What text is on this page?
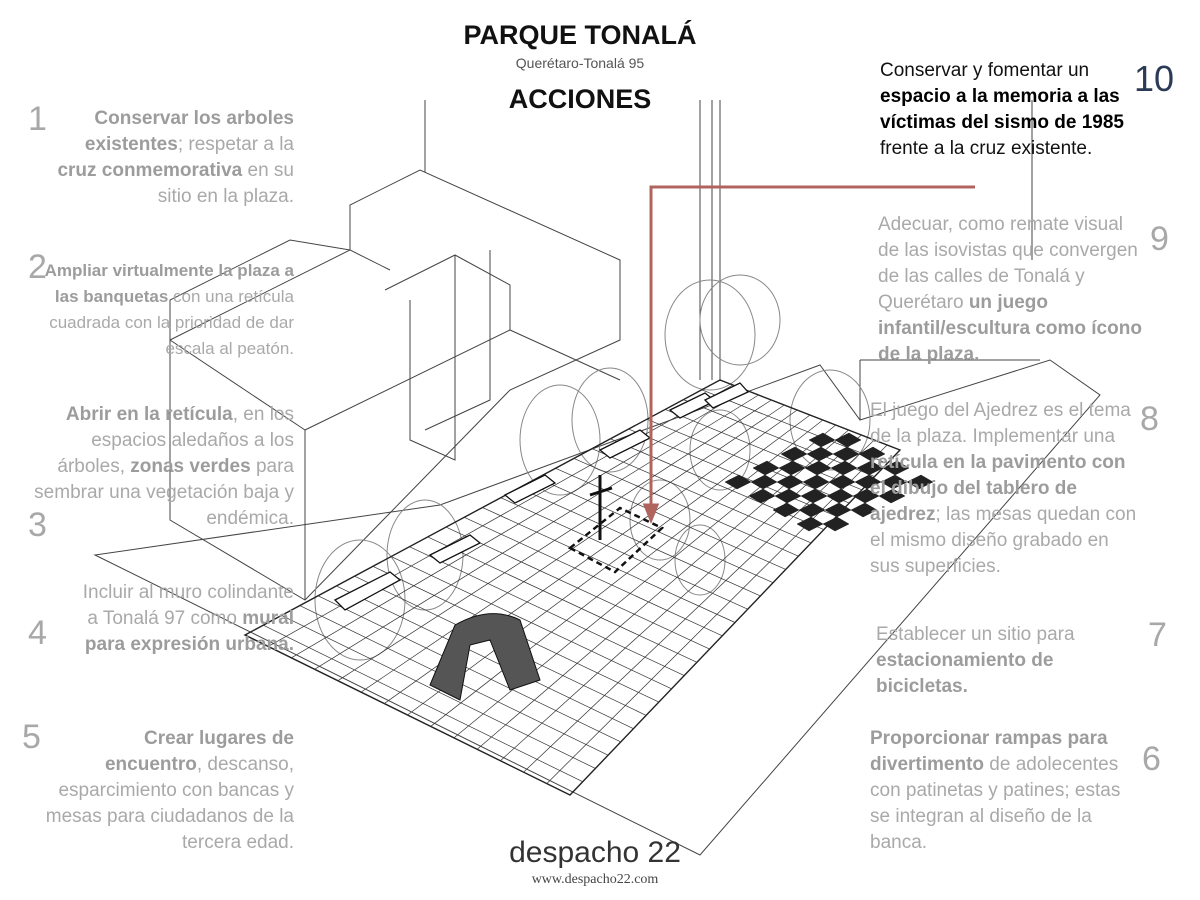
PARQUE TONALÁ
Querétaro-Tonalá 95
ACCIONES
1	Conservar los arboles existentes; respetar a la cruz conmemorativa en su sitio en la plaza.
2
Ampliar virtualmente la plaza a las banquetas con una retícula cuadrada con la prioridad de dar escala al peatón.
3
Abrir en la retícula, en los espacios aledaños a los árboles, zonas verdes para sembrar una vegetación baja y endémica.
4
Incluir al muro colindante a Tonalá 97 como mural para expresión urbana.
5	Crear lugares de encuentro, descanso, esparcimiento con bancas y mesas para ciudadanos de la tercera edad.
6
Proporcionar rampas para divertimento de adolecentes con patinetas y patines; estas se integran al diseño de la banca.
7
Establecer un sitio para estacionamiento de bicicletas.
8
El juego del Ajedrez es el tema de la plaza. Implementar una retícula en la pavimento con el dibujo del tablero de ajedrez; las mesas quedan con el mismo diseño grabado en sus superficies.
9
Adecuar, como remate visual de las isovistas que convergen de las calles de Tonalá y Querétaro un juego infantil/escultura como ícono de la plaza.
10
Conservar y fomentar un espacio a la memoria a las víctimas del sismo de 1985 frente a la cruz existente.
despacho 22
www.despacho22.com
